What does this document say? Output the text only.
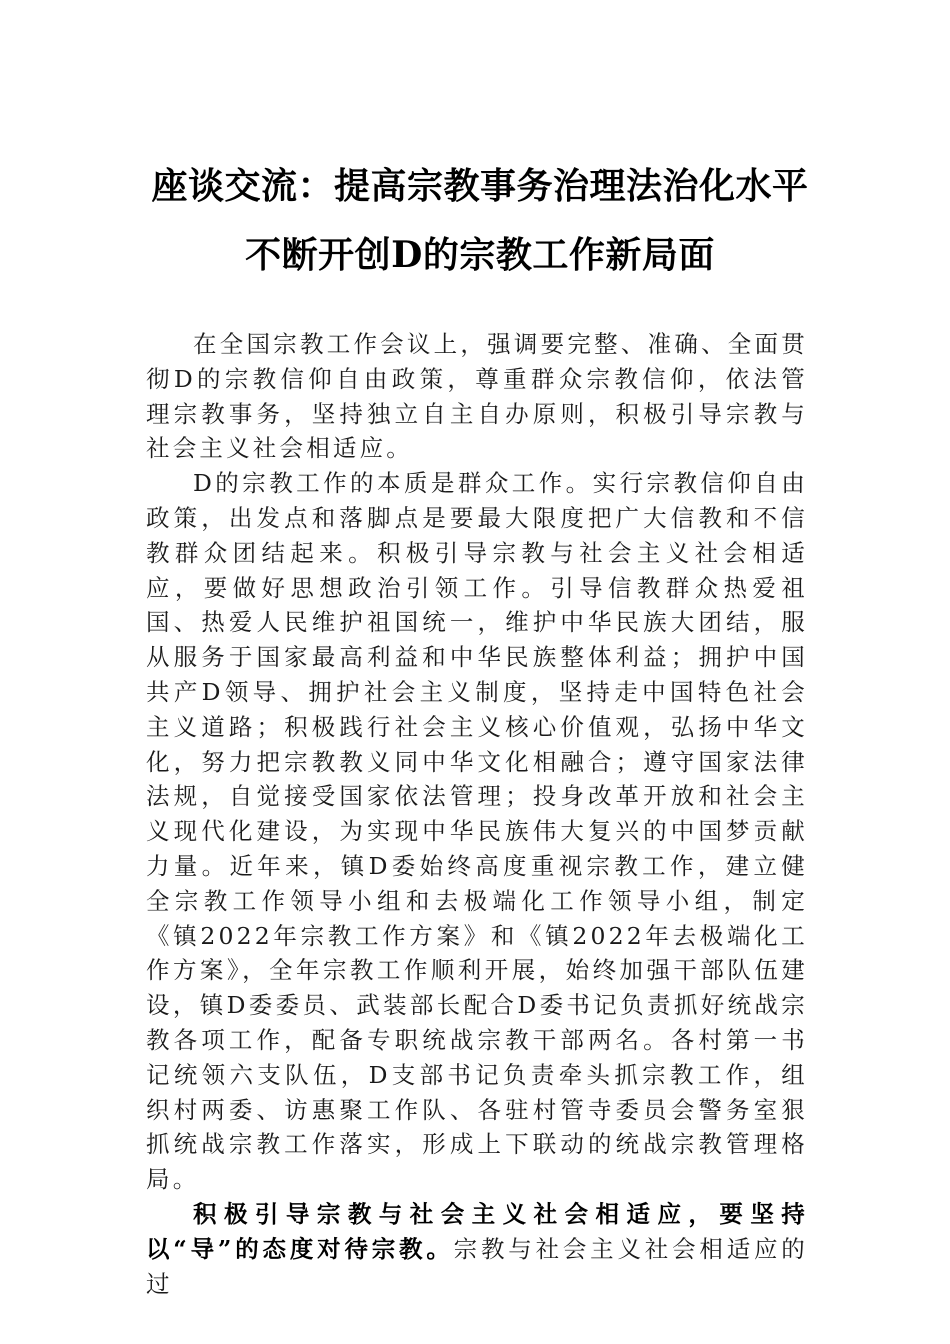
座谈交流：提高宗教事务治理法治化水平
不断开创D的宗教工作新局面

在全国宗教工作会议上，强调要完整、准确、全面贯彻D的宗教信仰自由政策，尊重群众宗教信仰，依法管理宗教事务，坚持独立自主自办原则，积极引导宗教与社会主义社会相适应。

D的宗教工作的本质是群众工作。实行宗教信仰自由政策，出发点和落脚点是要最大限度把广大信教和不信教群众团结起来。积极引导宗教与社会主义社会相适应，要做好思想政治引领工作。引导信教群众热爱祖国、热爱人民维护祖国统一，维护中华民族大团结，服从服务于国家最高利益和中华民族整体利益；拥护中国共产D领导、拥护社会主义制度，坚持走中国特色社会主义道路；积极践行社会主义核心价值观，弘扬中华文化，努力把宗教教义同中华文化相融合；遵守国家法律法规，自觉接受国家依法管理；投身改革开放和社会主义现代化建设，为实现中华民族伟大复兴的中国梦贡献力量。近年来，镇D委始终高度重视宗教工作，建立健全宗教工作领导小组和去极端化工作领导小组，制定《镇2022年宗教工作方案》和《镇2022年去极端化工作方案》，全年宗教工作顺利开展，始终加强干部队伍建设，镇D委委员、武装部长配合D委书记负责抓好统战宗教各项工作，配备专职统战宗教干部两名。各村第一书记统领六支队伍，D支部书记负责牵头抓宗教工作，组织村两委、访惠聚工作队、各驻村管寺委员会警务室狠抓统战宗教工作落实，形成上下联动的统战宗教管理格局。

积极引导宗教与社会主义社会相适应，要坚持以“导”的态度对待宗教。宗教与社会主义社会相适应的过
